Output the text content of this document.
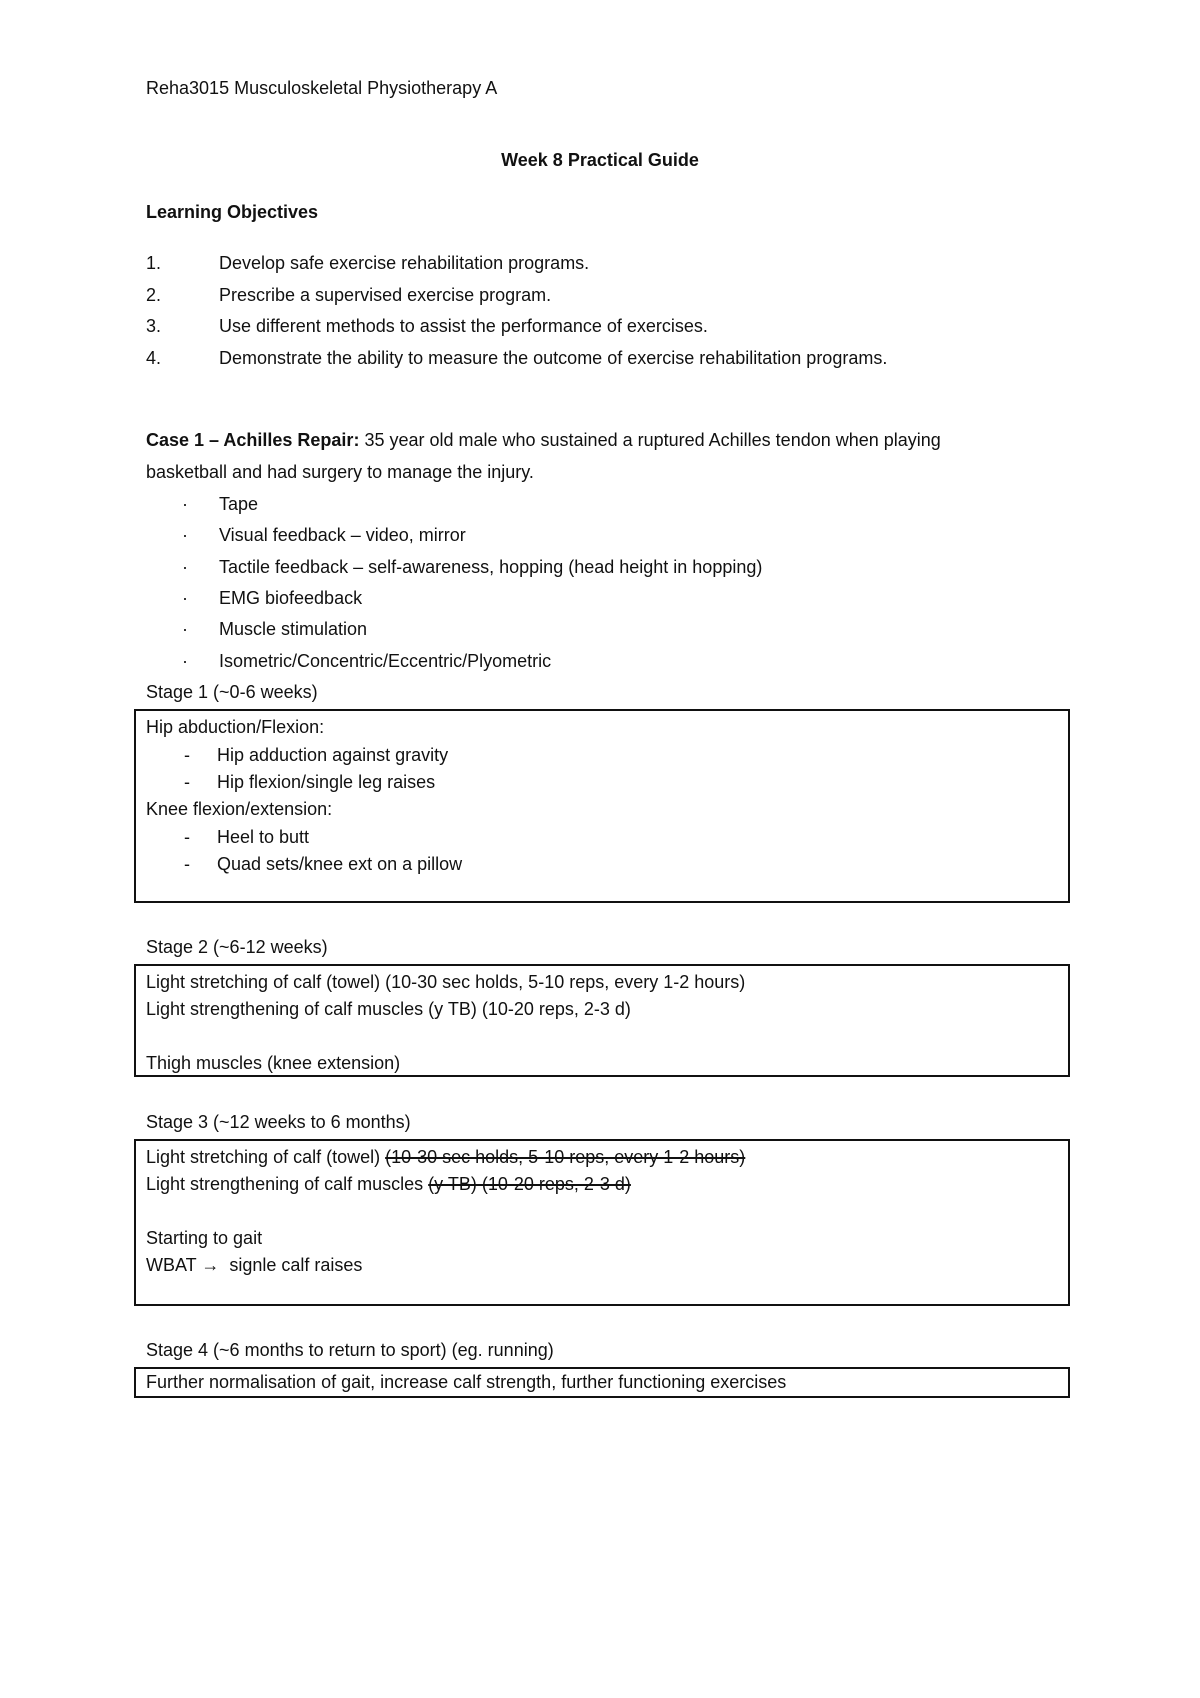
Reha3015 Musculoskeletal Physiotherapy A
Week 8 Practical Guide
Learning Objectives
1.	Develop safe exercise rehabilitation programs.
2.	Prescribe a supervised exercise program.
3.	Use different methods to assist the performance of exercises.
4.	Demonstrate the ability to measure the outcome of exercise rehabilitation programs.
Case 1 – Achilles Repair: 35 year old male who sustained a ruptured Achilles tendon when playing
basketball and had surgery to manage the injury.
· Tape
· Visual feedback – video, mirror
· Tactile feedback – self-awareness, hopping (head height in hopping)
· EMG biofeedback
· Muscle stimulation
· Isometric/Concentric/Eccentric/Plyometric
Stage 1 (~0-6 weeks)
Hip abduction/Flexion:
- Hip adduction against gravity
- Hip flexion/single leg raises
Knee flexion/extension:
- Heel to butt
- Quad sets/knee ext on a pillow
Stage 2 (~6-12 weeks)
Light stretching of calf (towel) (10-30 sec holds, 5-10 reps, every 1-2 hours)
Light strengthening of calf muscles (y TB) (10-20 reps, 2-3 d)
Thigh muscles (knee extension)
Stage 3 (~12 weeks to 6 months)
Light stretching of calf (towel) (10-30 sec holds, 5-10 reps, every 1-2 hours)
Light strengthening of calf muscles (y TB) (10-20 reps, 2-3 d)
Starting to gait
WBAT → signle calf raises
Stage 4 (~6 months to return to sport) (eg. running)
Further normalisation of gait, increase calf strength, further functioning exercises
